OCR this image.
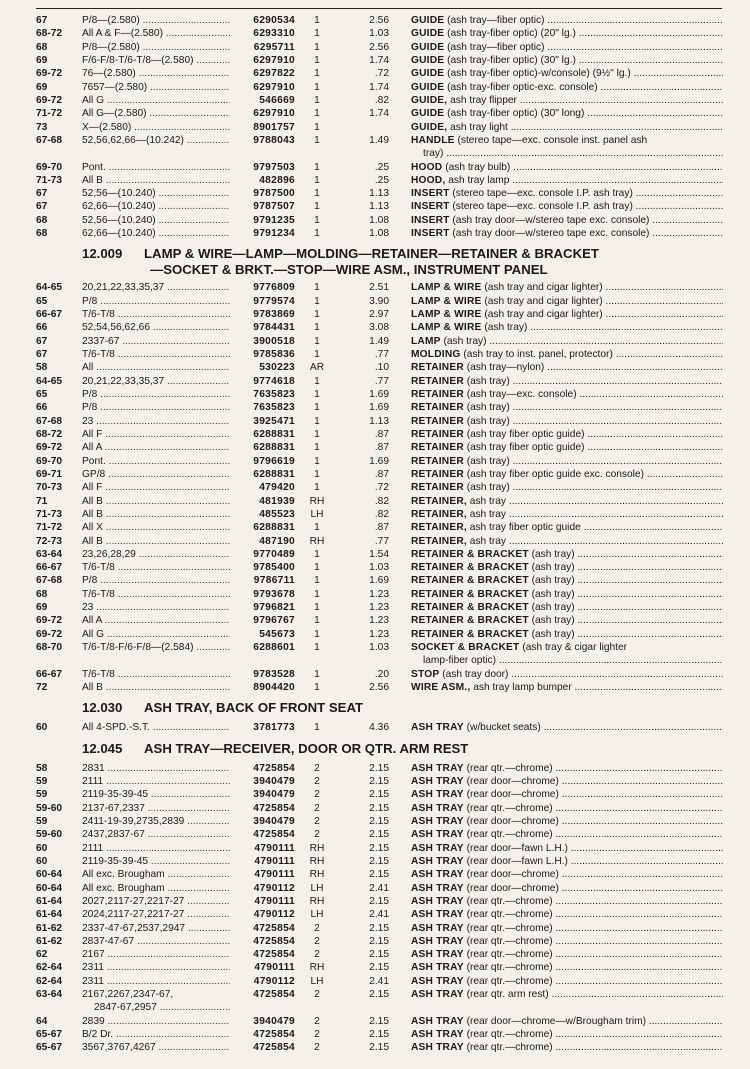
67	P/8—(2.580) .....	6290534	1	2.56 GUIDE (ash tray—fiber optic) .....
68-72 All A & F—(2.580) .....	6293310	1	1.03 GUIDE (ash tray-fiber optic) (20" lg.) .....
68	P/8—(2.580) .....	6295711	1	2.56 GUIDE (ash tray—fiber optic) .....
69	F/6-F/8-T/6-T/8—(2.580) .....	6297910	1	1.74 GUIDE (ash tray-fiber optic) (30" lg.) .....
69-72 76—(2.580) .....	6297822	1	.72 GUIDE (ash tray-fiber optic)-w/console) (9½" lg.) .....
69	7657—(2.580) .....	6297910	1	1.74 GUIDE (ash tray-fiber optic-exc. console) .....
69-72 All G .....	546669	1	.82 GUIDE, ash tray flipper .....
71-72 All G—(2.580) .....	6297910	1	1.74 GUIDE (ash tray-fiber optic) (30" long) .....
73	X—(2.580) .....	8901757	1	GUIDE, ash tray light .....
67-68 52,56,62,66—(10.242) .....	9788043	1	1.49 HANDLE (stereo tape—exc. console inst. panel ash
tray) .....
69-70 Pont. .....	9797503	1	.25 HOOD (ash tray bulb) .....
71-73 All B .....	482896	1	.25 HOOD, ash tray lamp .....
67	52,56—(10.240) .....	9787500	1	1.13 INSERT (stereo tape—exc. console I.P. ash tray) .....
67	62,66—(10.240) .....	9787507	1	1.13 INSERT (stereo tape—exc. console I.P. ash tray) .....
68	52,56—(10.240) .....	9791235	1	1.08 INSERT (ash tray door—w/stereo tape exc. console) .....
68	62,66—(10.240) .....	9791234	1	1.08 INSERT (ash tray door—w/stereo tape exc. console) .....
12.009 LAMP & WIRE—LAMP—MOLDING—RETAINER—RETAINER & BRACKET
—SOCKET & BRKT.—STOP—WIRE ASM., INSTRUMENT PANEL
64-65 20,21,22,33,35,37 .....	9776809	1	2.51 LAMP & WIRE (ash tray and cigar lighter) .....
65	P/8 .....	9779574	1	3.90 LAMP & WIRE (ash tray and cigar lighter) .....
66-67 T/6-T/8 .....	9783869	1	2.97 LAMP & WIRE (ash tray and cigar lighter) .....
66	52,54,56,62,66 .....	9784431	1	3.08 LAMP & WIRE (ash tray) .....
67	2337-67 .....	3900518	1	1.49 LAMP (ash tray) .....
67	T/6-T/8 .....	9785836	1	.77 MOLDING (ash tray to inst. panel, protector) .....
58	All .....	530223	AR	.10 RETAINER (ash tray—nylon) .....
64-65 20,21,22,33,35,37 .....	9774618	1	.77 RETAINER (ash tray) .....
65	P/8 .....	7635823	1	1.69 RETAINER (ash tray—exc. console) .....
66	P/8 .....	7635823	1	1.69 RETAINER (ash tray) .....
67-68 23 .....	3925471	1	1.13 RETAINER (ash tray) .....
68-72 All F .....	6288831	1	.87 RETAINER (ash tray fiber optic guide) .....
69-72 All A .....	6288831	1	.87 RETAINER (ash tray fiber optic guide) .....
69-70 Pont. .....	9796619	1	1.69 RETAINER (ash tray) .....
69-71 GP/8 .....	6288831	1	.87 RETAINER (ash tray fiber optic guide exc. console) .....
70-73 All F .....	479420	1	.72 RETAINER (ash tray) .....
71	All B .....	481939	RH	.82 RETAINER, ash tray .....
71-73 All B .....	485523	LH	.82 RETAINER, ash tray .....
71-72 All X .....	6288831	1	.87 RETAINER, ash tray fiber optic guide .....
72-73 All B .....	487190	RH	.77 RETAINER, ash tray .....
63-64 23,26,28,29 .....	9770489	1	1.54 RETAINER & BRACKET (ash tray) .....
66-67 T/6-T/8 .....	9785400	1	1.03 RETAINER & BRACKET (ash tray) .....
67-68 P/8 .....	9786711	1	1.69 RETAINER & BRACKET (ash tray) .....
68	T/6-T/8 .....	9793678	1	1.23 RETAINER & BRACKET (ash tray) .....
69	23 .....	9796821	1	1.23 RETAINER & BRACKET (ash tray) .....
69-72 All A .....	9796767	1	1.23 RETAINER & BRACKET (ash tray) .....
69-72 All G .....	545673	1	1.23 RETAINER & BRACKET (ash tray) .....
68-70 T/6-T/8-F/6-F/8—(2.584) .....	6288601	1	1.03 SOCKET & BRACKET (ash tray & cigar lighter
lamp-fiber optic) .....
66-67 T/6-T/8 .....	9783528	1	.20 STOP (ash tray door) .....
72	All B .....	8904420	1	2.56 WIRE ASM., ash tray lamp bumper .....
12.030 ASH TRAY, BACK OF FRONT SEAT
60	All 4-SPD.-S.T. .....	3781773	1	4.36 ASH TRAY (w/bucket seats) .....
12.045 ASH TRAY—RECEIVER, DOOR OR QTR. ARM REST
58	2831 .....	4725854	2	2.15 ASH TRAY (rear qtr.—chrome) .....
59	2111 .....	3940479	2	2.15 ASH TRAY (rear door—chrome) .....
59	2119-35-39-45 .....	3940479	2	2.15 ASH TRAY (rear door—chrome) .....
59-60 2137-67,2337 .....	4725854	2	2.15 ASH TRAY (rear qtr.—chrome) .....
59	2411-19-39,2735,2839 .....	3940479	2	2.15 ASH TRAY (rear door—chrome) .....
59-60 2437,2837-67 .....	4725854	2	2.15 ASH TRAY (rear qtr.—chrome) .....
60	2111 .....	4790111	RH	2.15 ASH TRAY (rear door—fawn L.H.) .....
60	2119-35-39-45 .....	4790111	RH	2.15 ASH TRAY (rear door—fawn L.H.) .....
60-64 All exc. Brougham .....	4790111	RH	2.15 ASH TRAY (rear door—chrome) .....
60-64 All exc. Brougham .....	4790112	LH	2.41 ASH TRAY (rear door—chrome) .....
61-64 2027,2117-27,2217-27 .....	4790111	RH	2.15 ASH TRAY (rear qtr.—chrome) .....
61-64 2024,2117-27,2217-27 .....	4790112	LH	2.41 ASH TRAY (rear qtr.—chrome) .....
61-62 2337-47-67,2537,2947 .....	4725854	2	2.15 ASH TRAY (rear qtr.—chrome) .....
61-62 2837-47-67 .....	4725854	2	2.15 ASH TRAY (rear qtr.—chrome) .....
62	2167 .....	4725854	2	2.15 ASH TRAY (rear qtr.—chrome) .....
62-64 2311 .....	4790111	RH	2.15 ASH TRAY (rear qtr.—chrome) .....
62-64 2311 .....	4790112	LH	2.41 ASH TRAY (rear qtr.—chrome) .....
63-64 2167,2267,2347-67,	4725854	2	2.15 ASH TRAY (rear qtr. arm rest) .....
2847-67,2957 .....
64	2839 .....	3940479	2	2.15 ASH TRAY (rear door—chrome—w/Brougham trim) .....
65-67 B/2 Dr. .....	4725854	2	2.15 ASH TRAY (rear qtr.—chrome) .....
65-67 3567,3767,4267 .....	4725854	2	2.15 ASH TRAY (rear qtr.—chrome) .....
